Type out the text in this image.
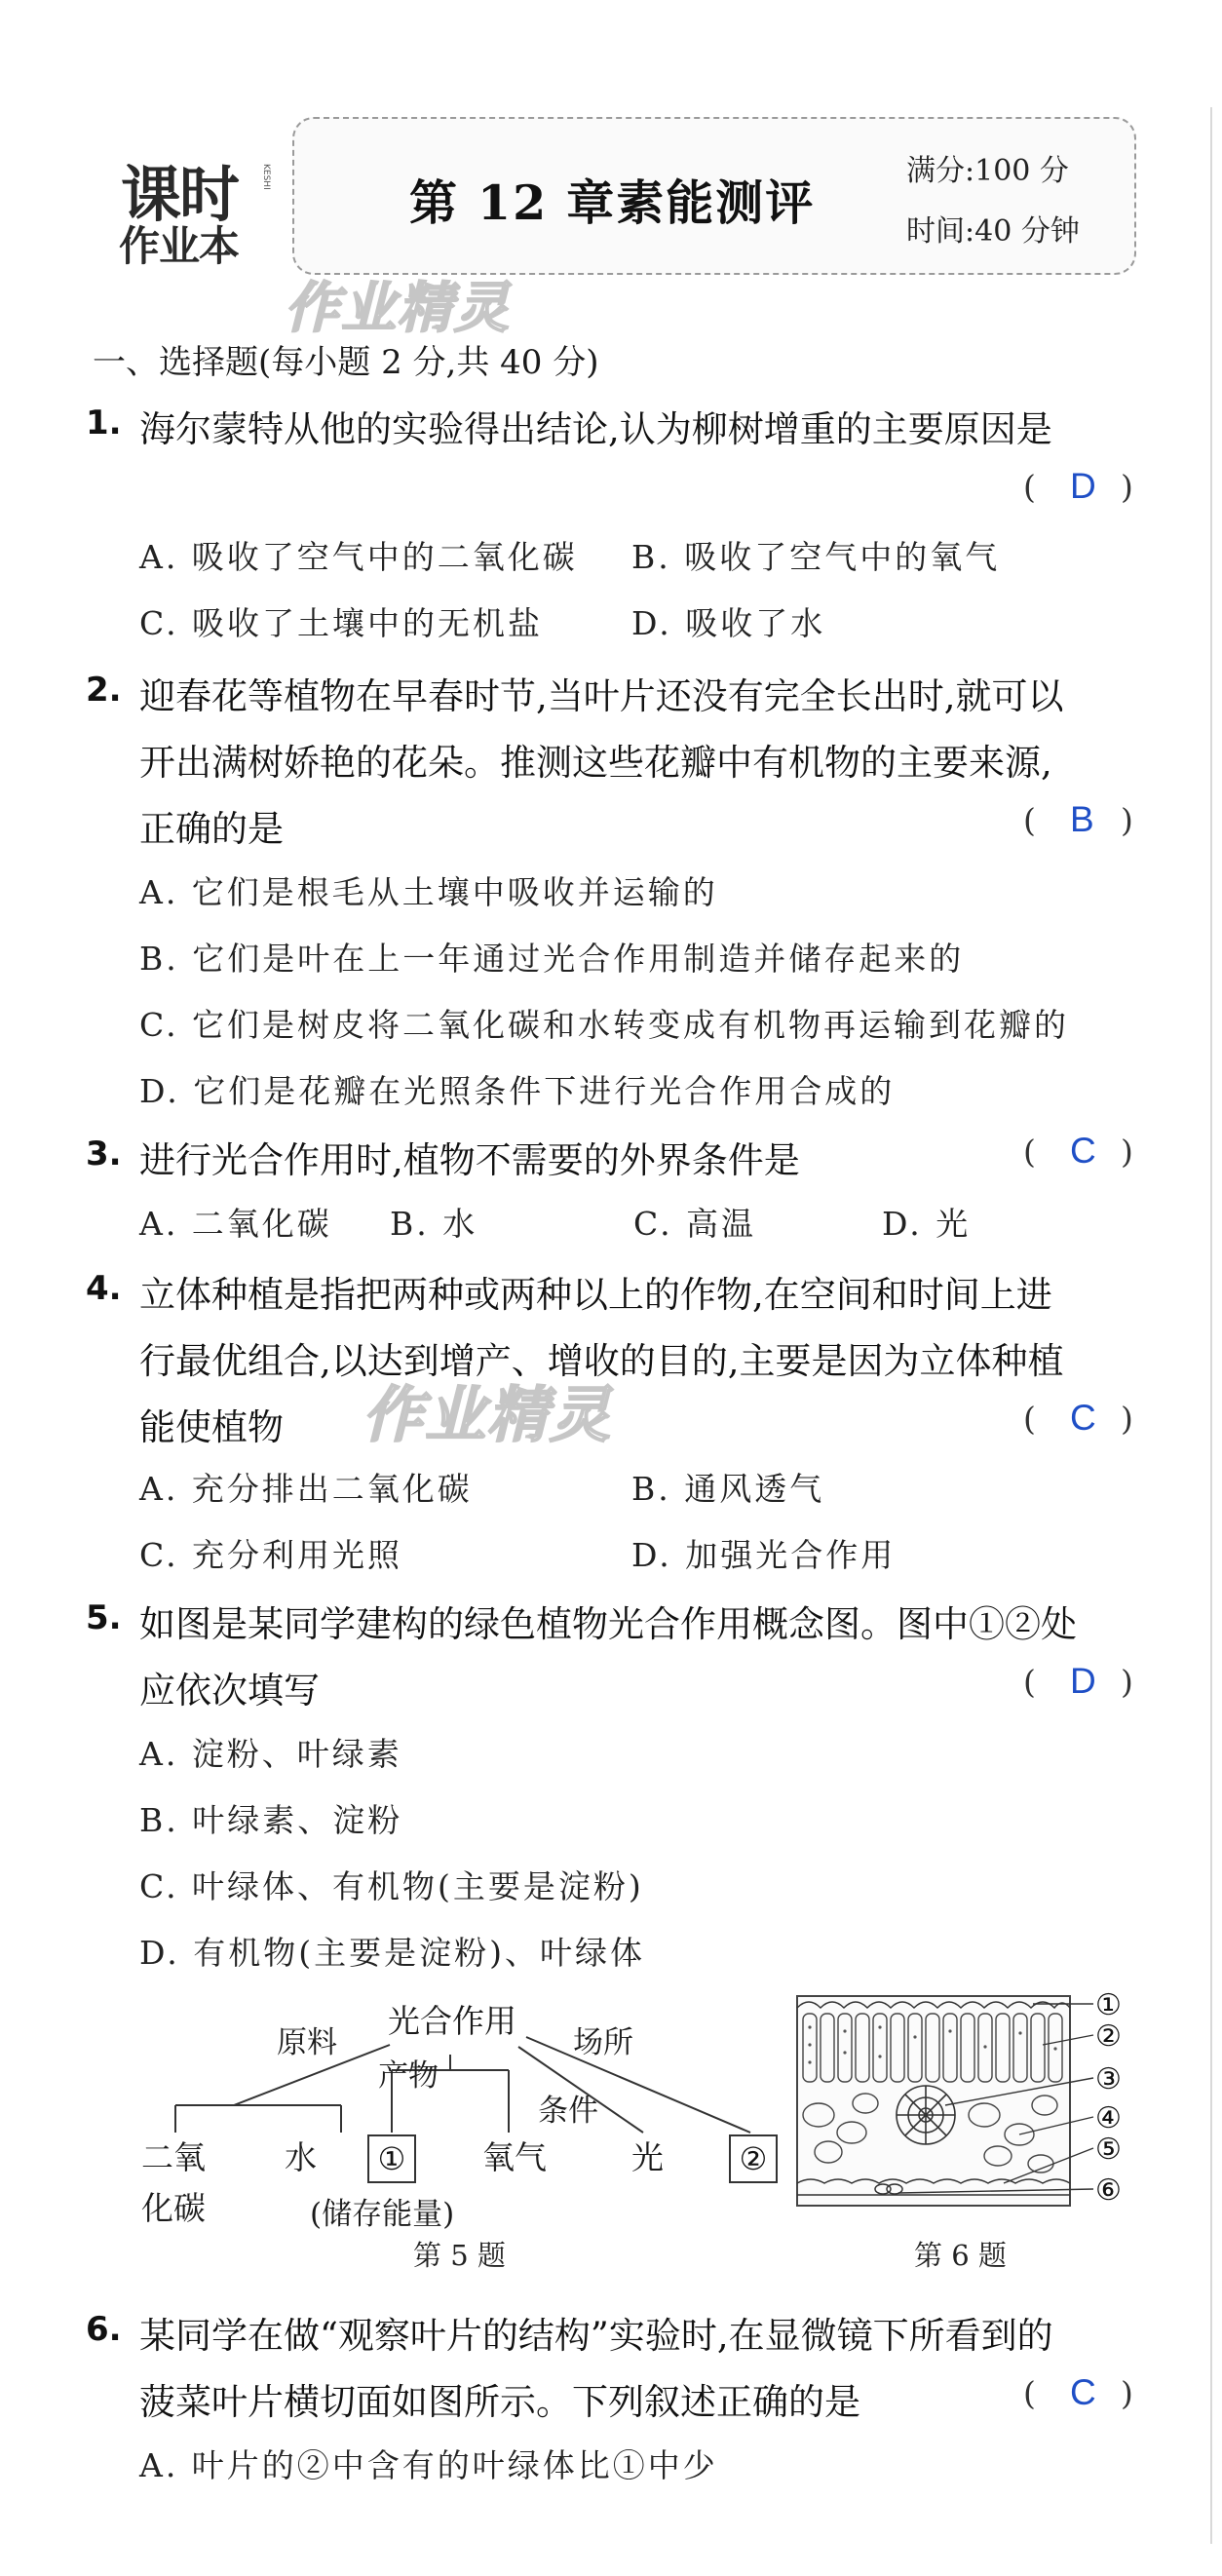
课时	KESHI
作业本
第 12 章素能测评
满分:100 分
时间:40 分钟
作业精灵
作业精灵
一、选择题(每小题 2 分,共 40 分)
1. 海尔蒙特从他的实验得出结论,认为柳树增重的主要原因是
( D )
A. 吸收了空气中的二氧化碳 B. 吸收了空气中的氧气
C. 吸收了土壤中的无机盐	D. 吸收了水
2. 迎春花等植物在早春时节,当叶片还没有完全长出时,就可以
开出满树娇艳的花朵。推测这些花瓣中有机物的主要来源,
正确的是	( B )
A. 它们是根毛从土壤中吸收并运输的
B. 它们是叶在上一年通过光合作用制造并储存起来的
C. 它们是树皮将二氧化碳和水转变成有机物再运输到花瓣的
D. 它们是花瓣在光照条件下进行光合作用合成的
3. 进行光合作用时,植物不需要的外界条件是	( C )
A. 二氧化碳 B. 水	C. 高温	D. 光
4. 立体种植是指把两种或两种以上的作物,在空间和时间上进
行最优组合,以达到增产、增收的目的,主要是因为立体种植
能使植物	( C )
A. 充分排出二氧化碳	B. 通风透气
C. 充分利用光照	D. 加强光合作用
5. 如图是某同学建构的绿色植物光合作用概念图。图中①②处
应依次填写	( D )
A. 淀粉、叶绿素
B. 叶绿素、淀粉
C. 叶绿体、有机物(主要是淀粉)
D. 有机物(主要是淀粉)、叶绿体
光合作用
原料
产物
场所
条件
二氧
化碳
水	①	氧气	光	②
(储存能量)
第 5 题
①
②
③
④
⑤
⑥
第 6 题
6. 某同学在做“观察叶片的结构”实验时,在显微镜下所看到的
菠菜叶片横切面如图所示。下列叙述正确的是	( C )
A. 叶片的②中含有的叶绿体比①中少
